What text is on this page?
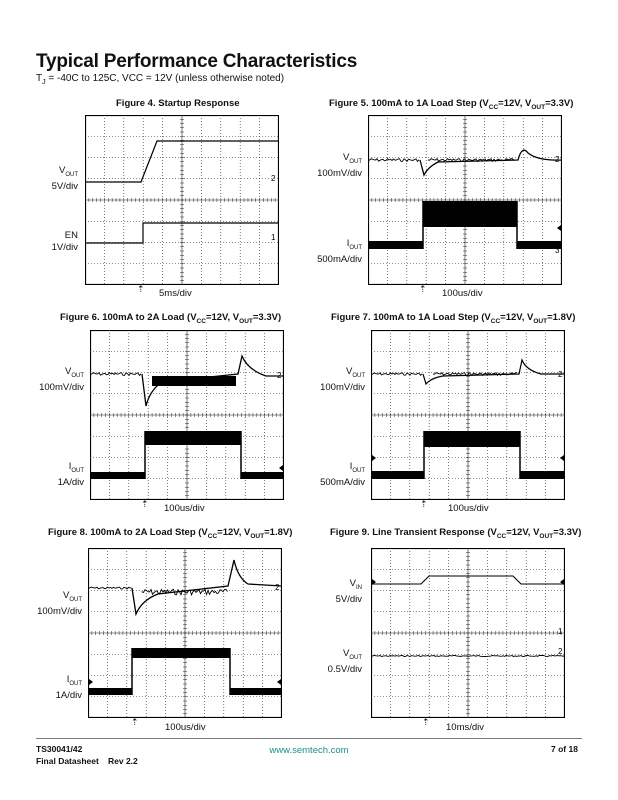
Typical Performance Characteristics
$T_J = -40C$ to 125C, VCC = 12V (unless otherwise noted)
Figure 4. Startup Response
2
1
$V_{OUT}$
5V/div
EN
1V/div
⇡ 5ms/div
Figure 5. 100mA to 1A Load Step ($V_{CC}=12V$, $V_{OUT}=3.3V$)
2
3
$V_{OUT}$
100mV/div
$I_{OUT}$
500mA/div
⇡ 100us/div
Figure 6. 100mA to 2A Load ($V_{CC}=12V$, $V_{OUT}=3.3V$)
2
3
$V_{OUT}$
100mV/div
$I_{OUT}$
1A/div
⇡ 100us/div
Figure 7. 100mA to 1A Load Step ($V_{CC}=12V$, $V_{OUT}=1.8V$)
2
3
$V_{OUT}$
100mV/div
$I_{OUT}$
500mA/div
⇡ 100us/div
Figure 8. 100mA to 2A Load Step ($V_{CC}=12V$, $V_{OUT}=1.8V$)
2
3
$V_{OUT}$
100mV/div
$I_{OUT}$
1A/div
⇡	100us/div
Figure 9. Line Transient Response ($V_{CC}=12V$, $V_{OUT}=3.3V$)
1
2
$V_{IN}$
5V/div
$V_{OUT}$
0.5V/div
⇡ 10ms/div
TS30041/42
Final Datasheet Rev 2.2
www.semtech.com	7 of 18
